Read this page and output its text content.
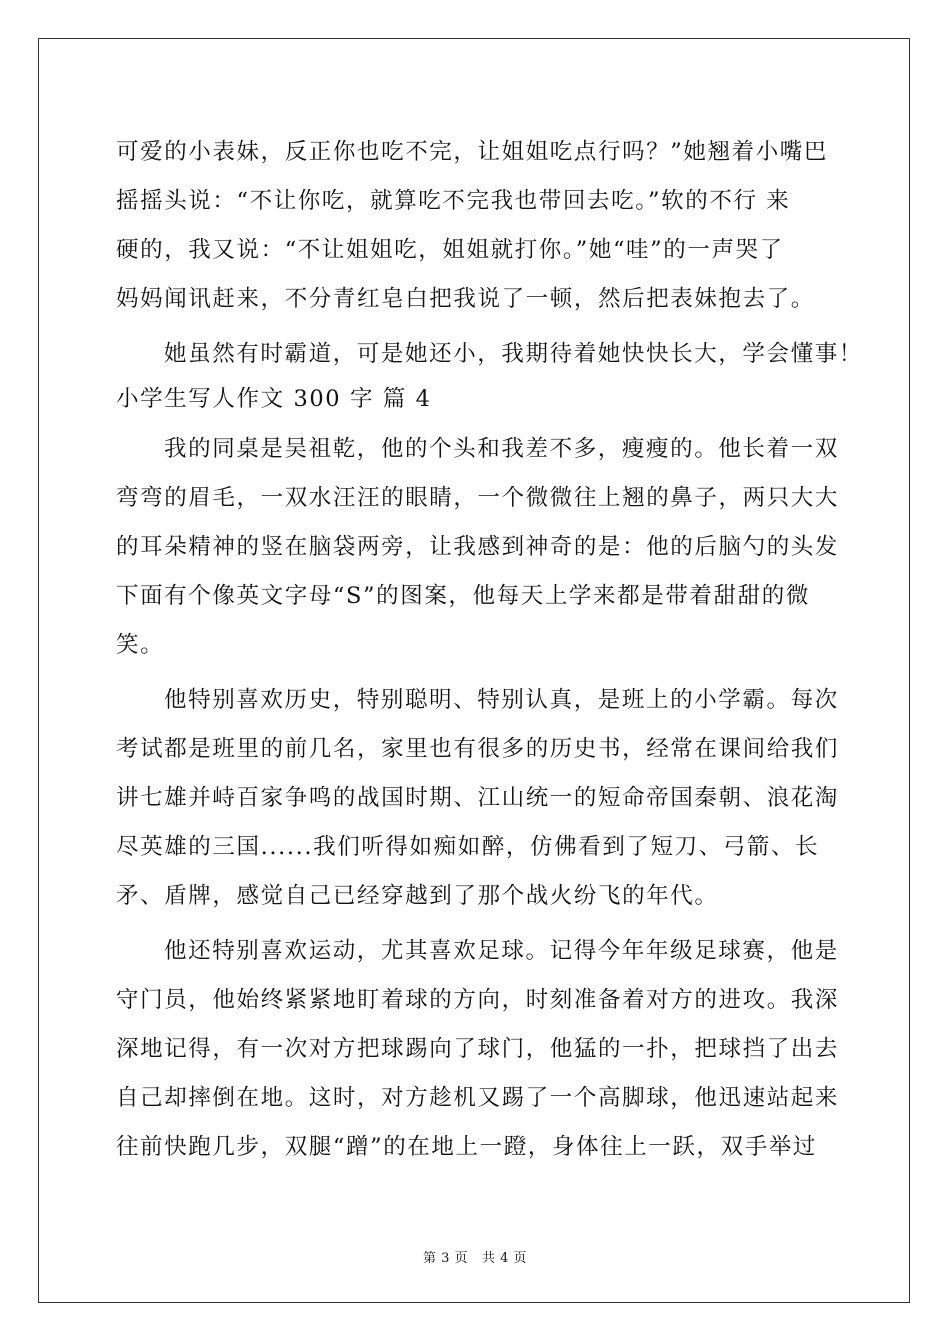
可爱的小表妹，反正你也吃不完，让姐姐吃点行吗？”她翘着小嘴巴
摇摇头说：“不让你吃，就算吃不完我也带回去吃。”软的不行 来
硬的，我又说：“不让姐姐吃，姐姐就打你。”她“哇”的一声哭了
妈妈闻讯赶来，不分青红皂白把我说了一顿，然后把表妹抱去了。
她虽然有时霸道，可是她还小，我期待着她快快长大，学会懂事！
小学生写人作文 300 字 篇 4
我的同桌是吴祖乾，他的个头和我差不多，瘦瘦的。他长着一双
弯弯的眉毛，一双水汪汪的眼睛，一个微微往上翘的鼻子，两只大大
的耳朵精神的竖在脑袋两旁，让我感到神奇的是：他的后脑勺的头发
下面有个像英文字母“S”的图案，他每天上学来都是带着甜甜的微
笑。
他特别喜欢历史，特别聪明、特别认真，是班上的小学霸。每次
考试都是班里的前几名，家里也有很多的历史书，经常在课间给我们
讲七雄并峙百家争鸣的战国时期、江山统一的短命帝国秦朝、浪花淘
尽英雄的三国......我们听得如痴如醉，仿佛看到了短刀、弓箭、长
矛、盾牌，感觉自己已经穿越到了那个战火纷飞的年代。
他还特别喜欢运动，尤其喜欢足球。记得今年年级足球赛，他是
守门员，他始终紧紧地盯着球的方向，时刻准备着对方的进攻。我深
深地记得，有一次对方把球踢向了球门，他猛的一扑，把球挡了出去
自己却摔倒在地。这时，对方趁机又踢了一个高脚球，他迅速站起来
往前快跑几步，双腿“蹭”的在地上一蹬，身体往上一跃，双手举过
第 3 页 共 4 页
